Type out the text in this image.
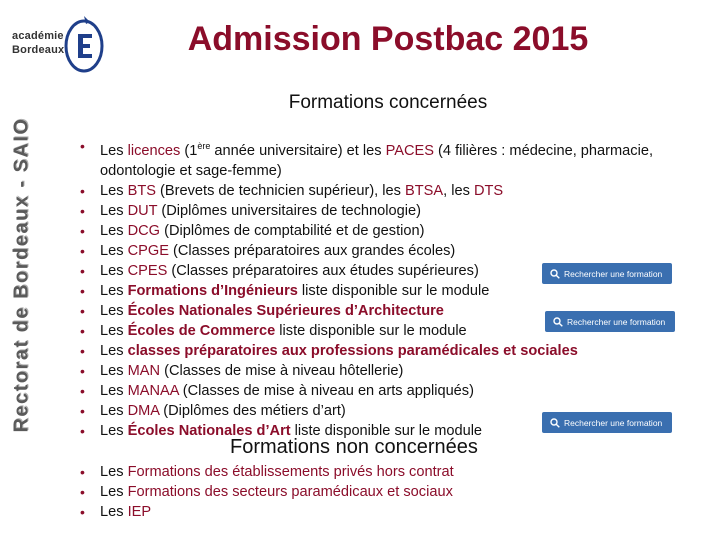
académie
Bordeaux
Rectorat de Bordeaux - SAIO
Admission Postbac 2015
Formations concernées
• Les licences (1ère année universitaire) et les PACES (4 filières : médecine, pharmacie, odontologie et sage-femme)
• Les BTS (Brevets de technicien supérieur), les BTSA, les DTS
• Les DUT (Diplômes universitaires de technologie)
• Les DCG (Diplômes de comptabilité et de gestion)
• Les CPGE (Classes préparatoires aux grandes écoles)
• Les CPES (Classes préparatoires aux études supérieures)
• Les Formations d’Ingénieurs liste disponible sur le module
• Les Écoles Nationales Supérieures d’Architecture
• Les Écoles de Commerce liste disponible sur le module
• Les classes préparatoires aux professions paramédicales et sociales
• Les MAN (Classes de mise à niveau hôtellerie)
• Les MANAA (Classes de mise à niveau en arts appliqués)
• Les DMA (Diplômes des métiers d’art)
• Les Écoles Nationales d’Art liste disponible sur le module
Rechercher une formation
Rechercher une formation
Rechercher une formation
Formations non concernées
• Les Formations des établissements privés hors contrat
• Les Formations des secteurs paramédicaux et sociaux
• Les IEP
